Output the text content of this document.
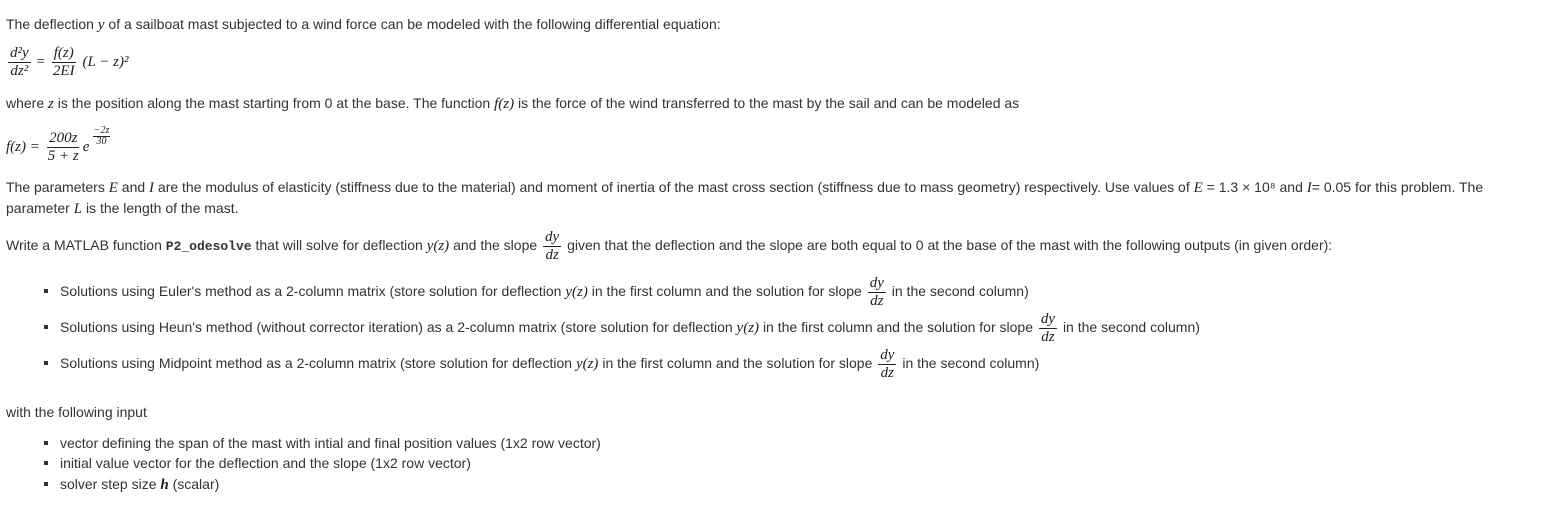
The deflection y of a sailboat mast subjected to a wind force can be modeled with the following differential equation:
$\frac{\text{d²y}}{\text{dz²}} = \frac{f(z)}{2EI} (L - z)^2$
where z is the position along the mast starting from 0 at the base. The function f(z) is the force of the wind transferred to the mast by the sail and can be modeled as
$f(z) = \frac{200z}{5 + z}$ e $\frac{-2z}{30}$
The parameters E and I are the modulus of elasticity (stiffness due to the material) and moment of inertia of the mast cross section (stiffness due to mass geometry) respectively. Use values of E = 1.3 × 10⁸ and I= 0.05 for this problem. The
parameter L is the length of the mast.
Write a MATLAB function P2_odesolve that will solve for deflection y(z) and the slope $\frac{dy}{dz}$ given that the deflection and the slope are both equal to 0 at the base of the mast with the following outputs (in given order):
Solutions using Euler's method as a 2-column matrix (store solution for deflection y(z) in the first column and the solution for slope $\frac{dy}{dz}$ in the second column)
Solutions using Heun's method (without corrector iteration) as a 2-column matrix (store solution for deflection y(z) in the first column and the solution for slope $\frac{dy}{dz}$ in the second column)
Solutions using Midpoint method as a 2-column matrix (store solution for deflection y(z) in the first column and the solution for slope $\frac{dy}{dz}$ in the second column)
with the following input
vector defining the span of the mast with intial and final position values (1x2 row vector)
initial value vector for the deflection and the slope (1x2 row vector)
solver step size h (scalar)
